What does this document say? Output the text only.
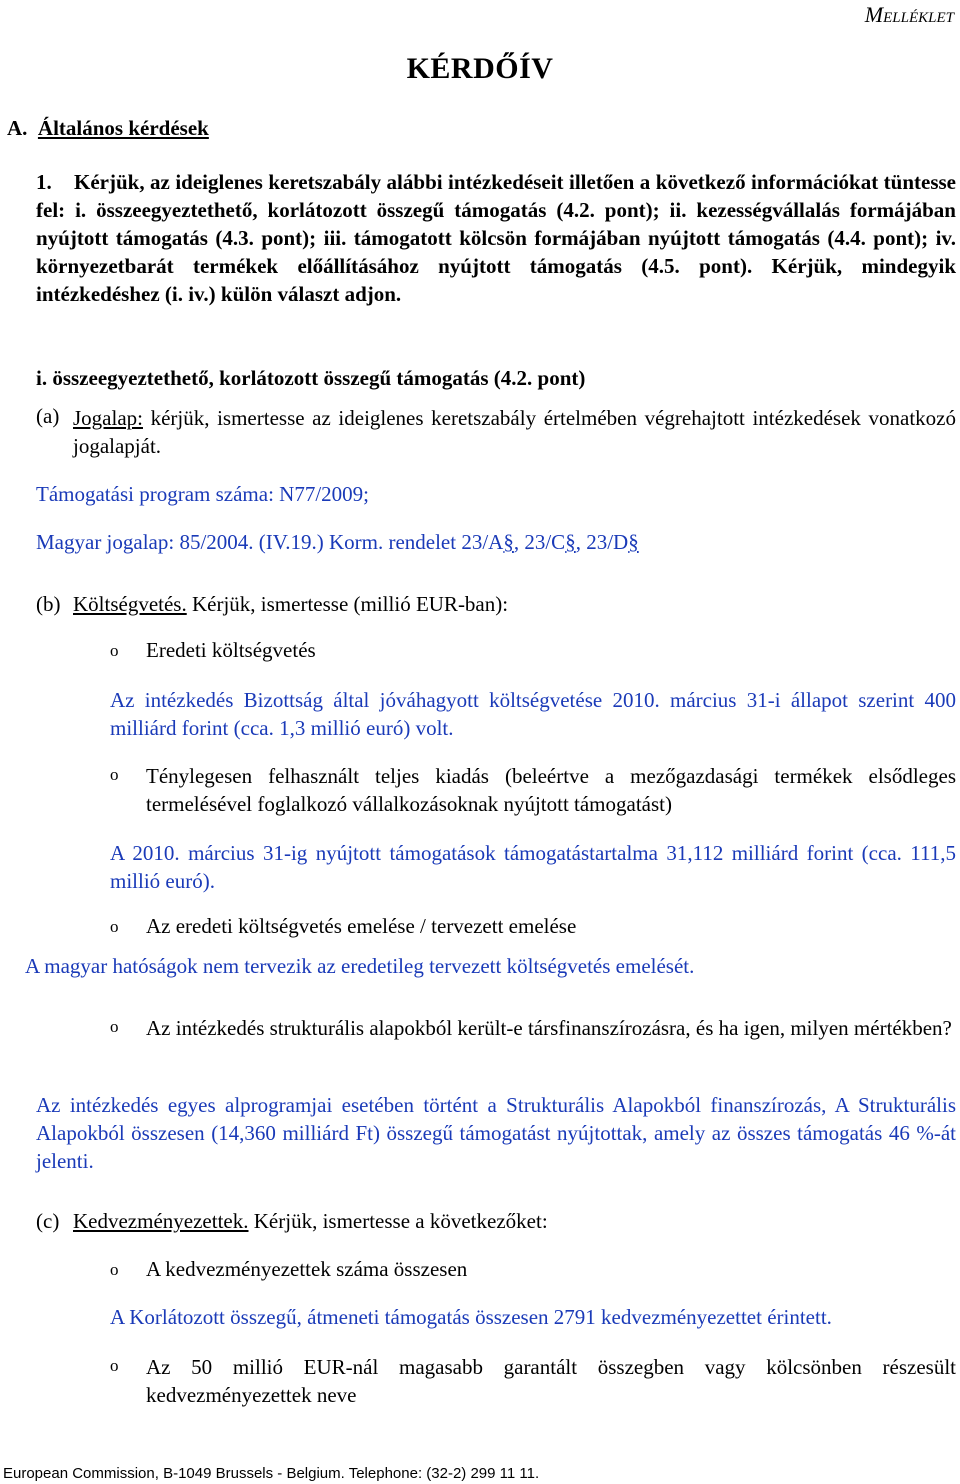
Melléklet
KÉRDŐÍV
A. Általános kérdések
1.	Kérjük, az ideiglenes keretszabály alábbi intézkedéseit illetően a következő információkat tüntesse fel: i. összeegyeztethető, korlátozott összegű támogatás (4.2. pont); ii. kezességvállalás formájában nyújtott támogatás (4.3. pont); iii. támogatott kölcsön formájában nyújtott támogatás (4.4. pont); iv. környezetbarát termékek előállításához nyújtott támogatás (4.5. pont). Kérjük, mindegyik intézkedéshez (i. iv.) külön választ adjon.
i. összeegyeztethető, korlátozott összegű támogatás (4.2. pont)
(a) Jogalap: kérjük, ismertesse az ideiglenes keretszabály értelmében végrehajtott intézkedések vonatkozó jogalapját.
Támogatási program száma: N77/2009;
Magyar jogalap: 85/2004. (IV.19.) Korm. rendelet 23/A§, 23/C§, 23/D§
(b) Költségvetés. Kérjük, ismertesse (millió EUR-ban):
o Eredeti költségvetés
Az intézkedés Bizottság által jóváhagyott költségvetése 2010. március 31-i állapot szerint 400 milliárd forint (cca. 1,3 millió euró) volt.
o Ténylegesen felhasznált teljes kiadás (beleértve a mezőgazdasági termékek elsődleges termelésével foglalkozó vállalkozásoknak nyújtott támogatást)
A 2010. március 31-ig nyújtott támogatások támogatástartalma 31,112 milliárd forint (cca. 111,5 millió euró).
o Az eredeti költségvetés emelése / tervezett emelése
A magyar hatóságok nem tervezik az eredetileg tervezett költségvetés emelését.
o Az intézkedés strukturális alapokból került-e társfinanszírozásra, és ha igen, milyen mértékben?
Az intézkedés egyes alprogramjai esetében történt a Strukturális Alapokból finanszírozás, A Strukturális Alapokból összesen (14,360 milliárd Ft) összegű támogatást nyújtottak, amely az összes támogatás 46 %-át jelenti.
(c) Kedvezményezettek. Kérjük, ismertesse a következőket:
o A kedvezményezettek száma összesen
A Korlátozott összegű, átmeneti támogatás összesen 2791 kedvezményezettet érintett.
o Az 50 millió EUR-nál magasabb garantált összegben vagy kölcsönben részesült kedvezményezettek neve
European Commission, B-1049 Brussels - Belgium. Telephone: (32-2) 299 11 11.
